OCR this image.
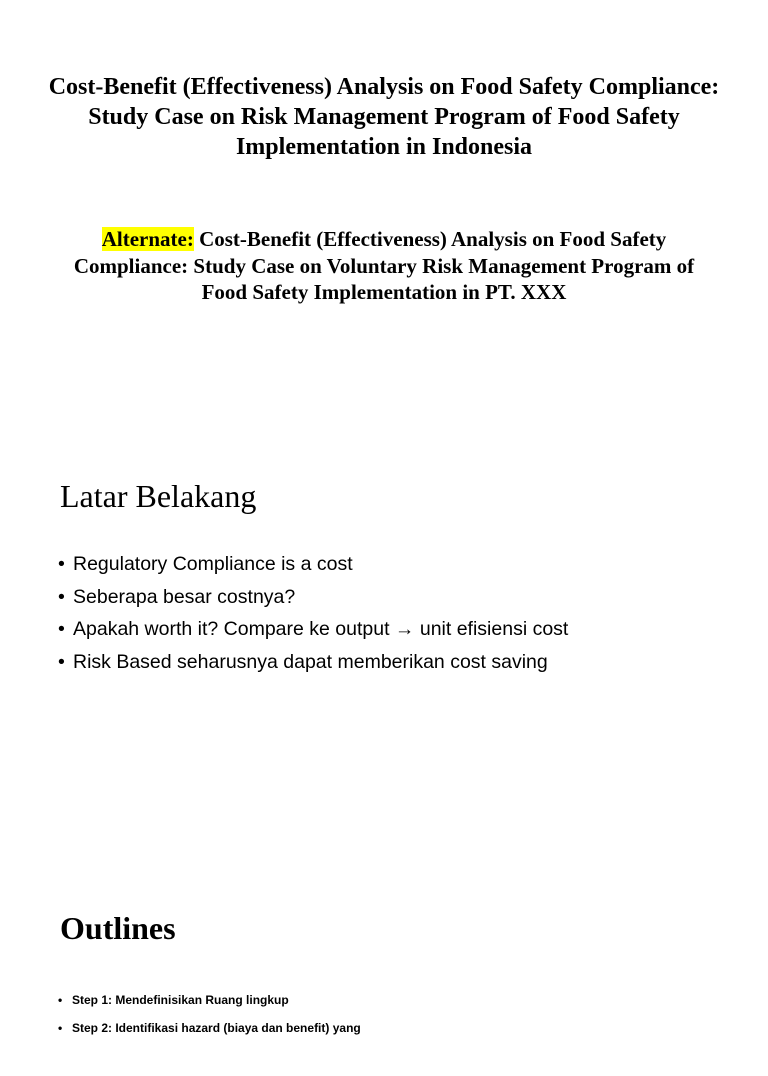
Cost-Benefit (Effectiveness) Analysis on Food Safety Compliance: Study Case on Risk Management Program of Food Safety Implementation in Indonesia

Alternate: Cost-Benefit (Effectiveness) Analysis on Food Safety Compliance: Study Case on Voluntary Risk Management Program of Food Safety Implementation in PT. XXX

Latar Belakang
• Regulatory Compliance is a cost
• Seberapa besar costnya?
• Apakah worth it? Compare ke output → unit efisiensi cost
• Risk Based seharusnya dapat memberikan cost saving
Outlines
• Step 1: Mendefinisikan Ruang lingkup
• Step 2: Identifikasi hazard (biaya dan benefit) yang
